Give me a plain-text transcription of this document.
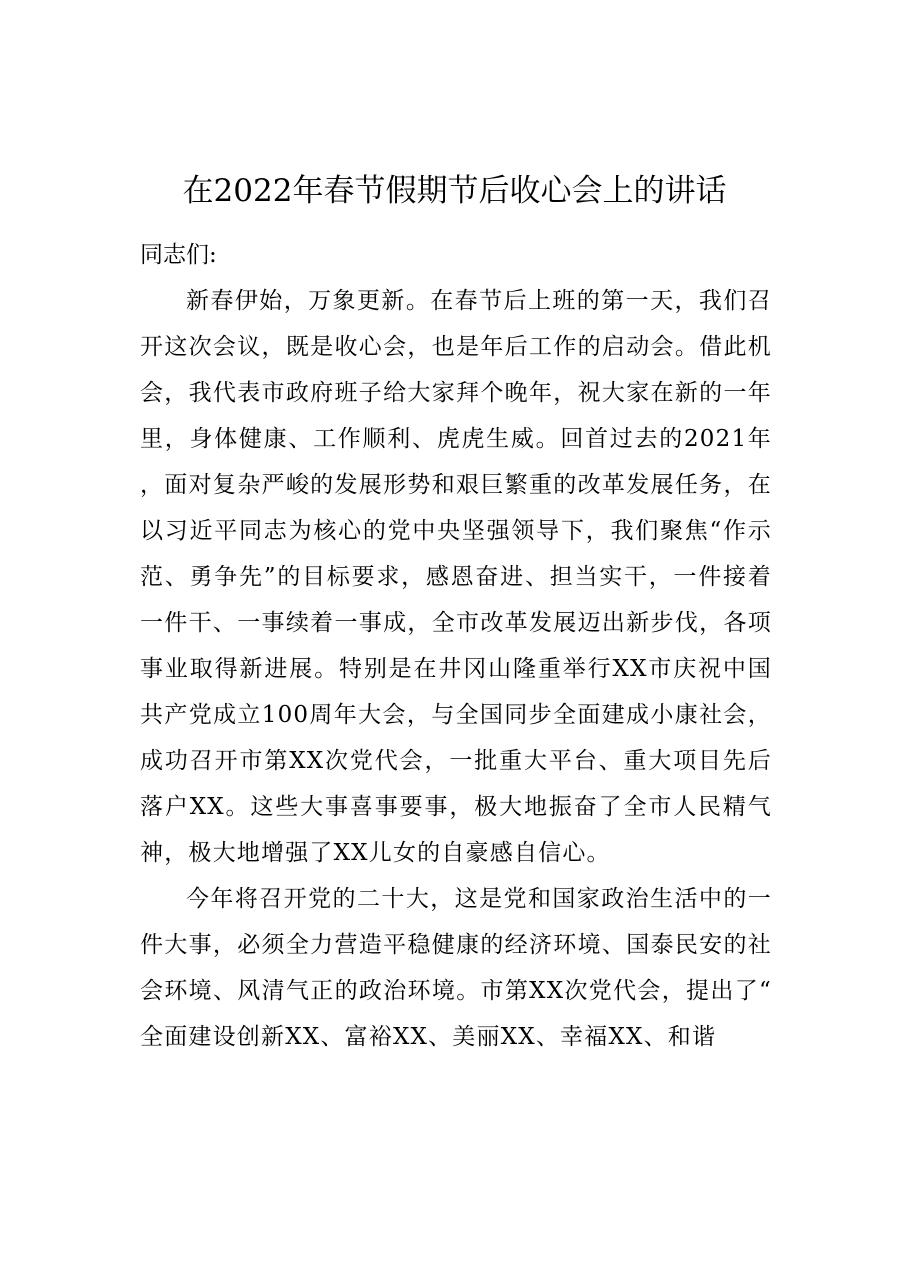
在2022年春节假期节后收心会上的讲话

同志们:

新春伊始，万象更新。在春节后上班的第一天，我们召开这次会议，既是收心会，也是年后工作的启动会。借此机会，我代表市政府班子给大家拜个晚年，祝大家在新的一年里，身体健康、工作顺利、虎虎生威。回首过去的2021年，面对复杂严峻的发展形势和艰巨繁重的改革发展任务，在以习近平同志为核心的党中央坚强领导下，我们聚焦“作示范、勇争先”的目标要求，感恩奋进、担当实干，一件接着一件干、一事续着一事成，全市改革发展迈出新步伐，各项事业取得新进展。特别是在井冈山隆重举行XX市庆祝中国共产党成立100周年大会，与全国同步全面建成小康社会，成功召开市第XX次党代会，一批重大平台、重大项目先后落户XX。这些大事喜事要事，极大地振奋了全市人民精气神，极大地增强了XX儿女的自豪感自信心。

今年将召开党的二十大，这是党和国家政治生活中的一件大事，必须全力营造平稳健康的经济环境、国泰民安的社会环境、风清气正的政治环境。市第XX次党代会，提出了“全面建设创新XX、富裕XX、美丽XX、幸福XX、和谐
